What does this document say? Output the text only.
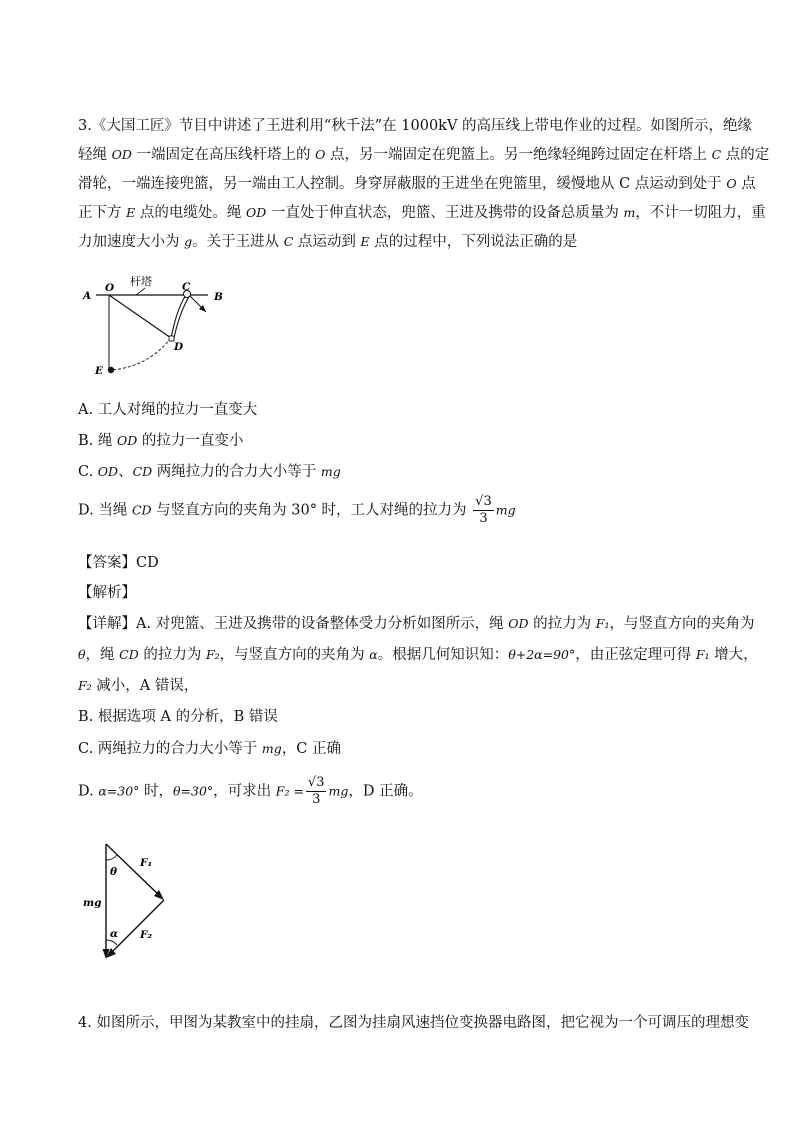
3.《大国工匠》节目中讲述了王进利用“秋千法”在 1000kV 的高压线上带电作业的过程。如图所示，绝缘
轻绳 OD 一端固定在高压线杆塔上的 O 点，另一端固定在兜篮上。另一绝缘轻绳跨过固定在杆塔上 C 点的定
滑轮，一端连接兜篮，另一端由工人控制。身穿屏蔽服的王进坐在兜篮里，缓慢地从 C 点运动到处于 O 点
正下方 E 点的电缆处。绳 OD 一直处于伸直状态，兜篮、王进及携带的设备总质量为 m，不计一切阻力，重
力加速度大小为 g。关于王进从 C 点运动到 E 点的过程中，下列说法正确的是
杆塔
A
O	C
B
D
E
A. 工人对绳的拉力一直变大
B. 绳 OD 的拉力一直变小
C. OD、CD 两绳拉力的合力大小等于 mg
D. 当绳 CD 与竖直方向的夹角为 30° 时，工人对绳的拉力为 $\frac{√3}{3}$ mg
【答案】CD
【解析】
【详解】A. 对兜篮、王进及携带的设备整体受力分析如图所示，绳 OD 的拉力为 F₁，与竖直方向的夹角为
θ，绳 CD 的拉力为 F₂，与竖直方向的夹角为 α。根据几何知识知：θ+2α=90°，由正弦定理可得 F₁ 增大，
F₂ 减小，A 错误，
B. 根据选项 A 的分析，B 错误
C. 两绳拉力的合力大小等于 mg，C 正确
D. α=30° 时，θ=30°，可求出 $F_2 = \frac{√3}{3}$ mg，D 正确。
mg
F₁
F₂
θ
α
4. 如图所示，甲图为某教室中的挂扇，乙图为挂扇风速挡位变换器电路图，把它视为一个可调压的理想变
